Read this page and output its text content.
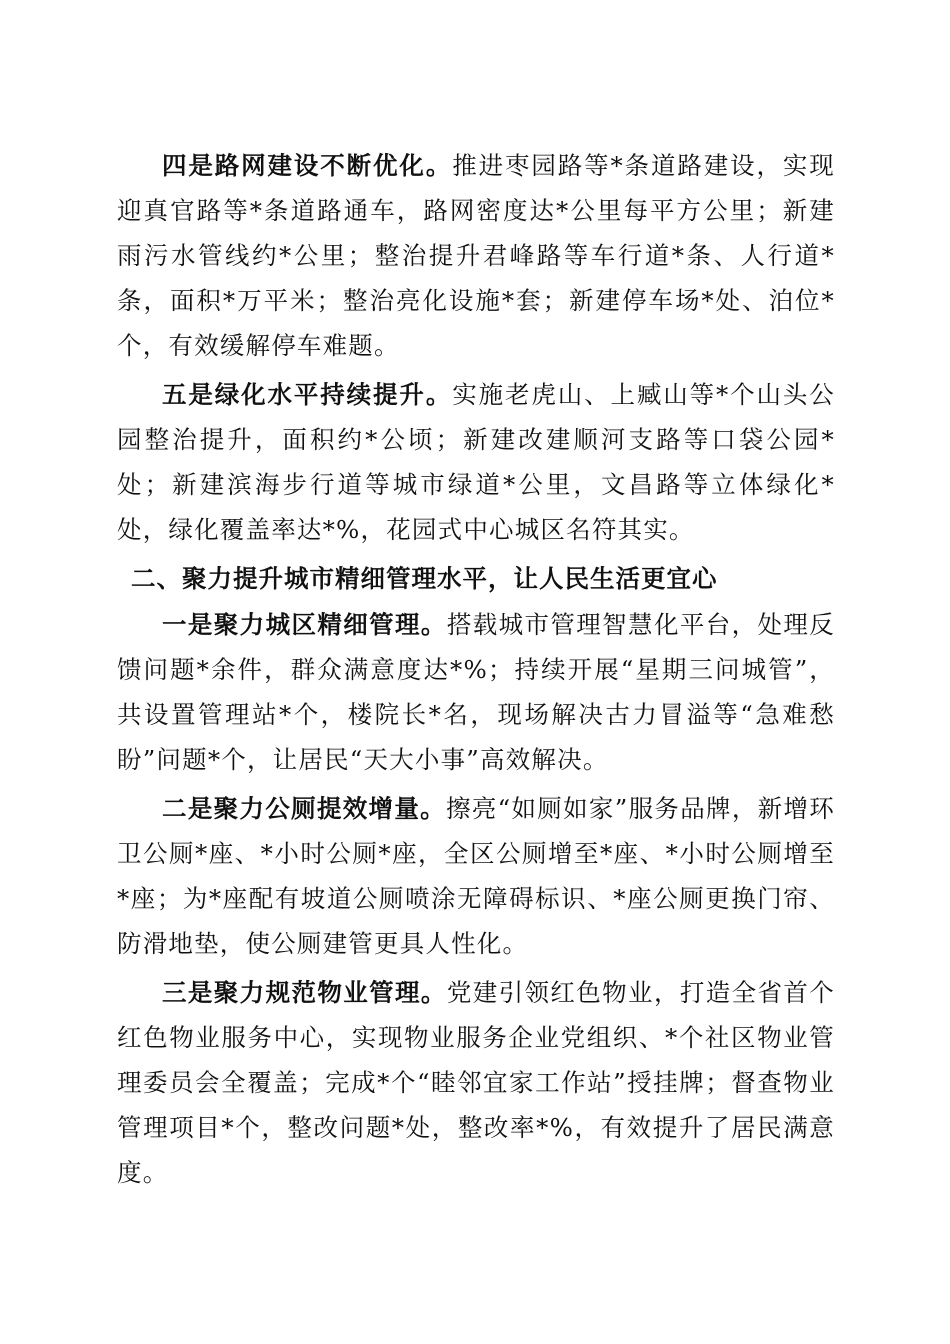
四是路网建设不断优化。推进枣园路等*条道路建设，实现迎真官路等*条道路通车，路网密度达*公里每平方公里；新建雨污水管线约*公里；整治提升君峰路等车行道*条、人行道*条，面积*万平米；整治亮化设施*套；新建停车场*处、泊位*个，有效缓解停车难题。

五是绿化水平持续提升。实施老虎山、上臧山等*个山头公园整治提升，面积约*公顷；新建改建顺河支路等口袋公园*处；新建滨海步行道等城市绿道*公里，文昌路等立体绿化*处，绿化覆盖率达*%，花园式中心城区名符其实。

二、聚力提升城市精细管理水平，让人民生活更宜心

一是聚力城区精细管理。搭载城市管理智慧化平台，处理反馈问题*余件，群众满意度达*%；持续开展“星期三问城管”，共设置管理站*个，楼院长*名，现场解决古力冒溢等“急难愁盼”问题*个，让居民“天大小事”高效解决。

二是聚力公厕提效增量。擦亮“如厕如家”服务品牌，新增环卫公厕*座、*小时公厕*座，全区公厕增至*座、*小时公厕增至*座；为*座配有坡道公厕喷涂无障碍标识、*座公厕更换门帘、防滑地垫，使公厕建管更具人性化。

三是聚力规范物业管理。党建引领红色物业，打造全省首个红色物业服务中心，实现物业服务企业党组织、*个社区物业管理委员会全覆盖；完成*个“睦邻宜家工作站”授挂牌；督查物业管理项目*个，整改问题*处，整改率*%，有效提升了居民满意度。
